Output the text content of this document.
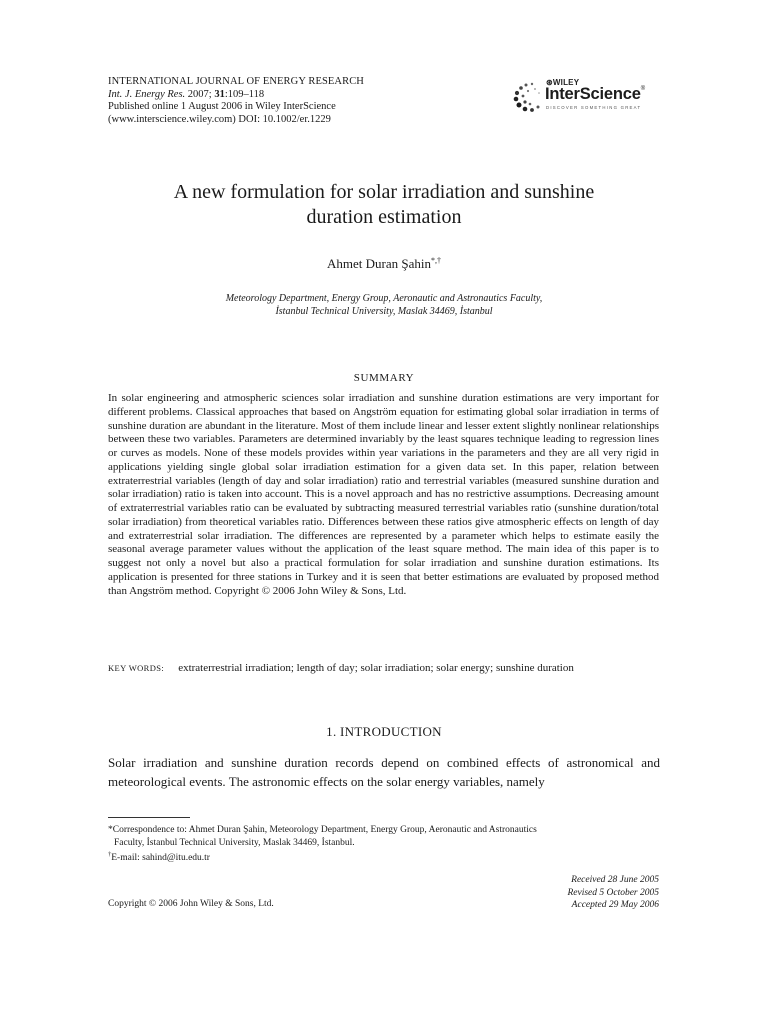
INTERNATIONAL JOURNAL OF ENERGY RESEARCH
Int. J. Energy Res. 2007; 31:109–118
Published online 1 August 2006 in Wiley InterScience
(www.interscience.wiley.com) DOI: 10.1002/er.1229
⊛WILEY
InterScience®
DISCOVER SOMETHING GREAT
A new formulation for solar irradiation and sunshine
duration estimation
Ahmet Duran Şahin*,†
Meteorology Department, Energy Group, Aeronautic and Astronautics Faculty,
İstanbul Technical University, Maslak 34469, İstanbul
SUMMARY
In solar engineering and atmospheric sciences solar irradiation and sunshine duration estimations are very important for different problems. Classical approaches that based on Angström equation for estimating global solar irradiation in terms of sunshine duration are abundant in the literature. Most of them include linear and lesser extent slightly nonlinear relationships between these two variables. Parameters are determined invariably by the least squares technique leading to regression lines or curves as models. None of these models provides within year variations in the parameters and they are all very rigid in applications yielding single global solar irradiation estimation for a given data set. In this paper, relation between extraterrestrial variables (length of day and solar irradiation) ratio and terrestrial variables (measured sunshine duration and solar irradiation) ratio is taken into account. This is a novel approach and has no restrictive assumptions. Decreasing amount of extraterrestrial variables ratio can be evaluated by subtracting measured terrestrial variables ratio (sunshine duration/total solar irradiation) from theoretical variables ratio. Differences between these ratios give atmospheric effects on length of day and extraterrestrial solar irradiation. The differences are represented by a parameter which helps to estimate easily the seasonal average parameter values without the application of the least square method. The main idea of this paper is to suggest not only a novel but also a practical formulation for solar irradiation and sunshine duration estimations. Its application is presented for three stations in Turkey and it is seen that better estimations are evaluated by proposed method than Angström method. Copyright © 2006 John Wiley & Sons, Ltd.
KEY WORDS: extraterrestrial irradiation; length of day; solar irradiation; solar energy; sunshine duration
1. INTRODUCTION
Solar irradiation and sunshine duration records depend on combined effects of astronomical and meteorological events. The astronomic effects on the solar energy variables, namely
*Correspondence to: Ahmet Duran Şahin, Meteorology Department, Energy Group, Aeronautic and Astronautics
Faculty, İstanbul Technical University, Maslak 34469, İstanbul.
†E-mail: sahind@itu.edu.tr
Copyright © 2006 John Wiley & Sons, Ltd.
Received 28 June 2005
Revised 5 October 2005
Accepted 29 May 2006
